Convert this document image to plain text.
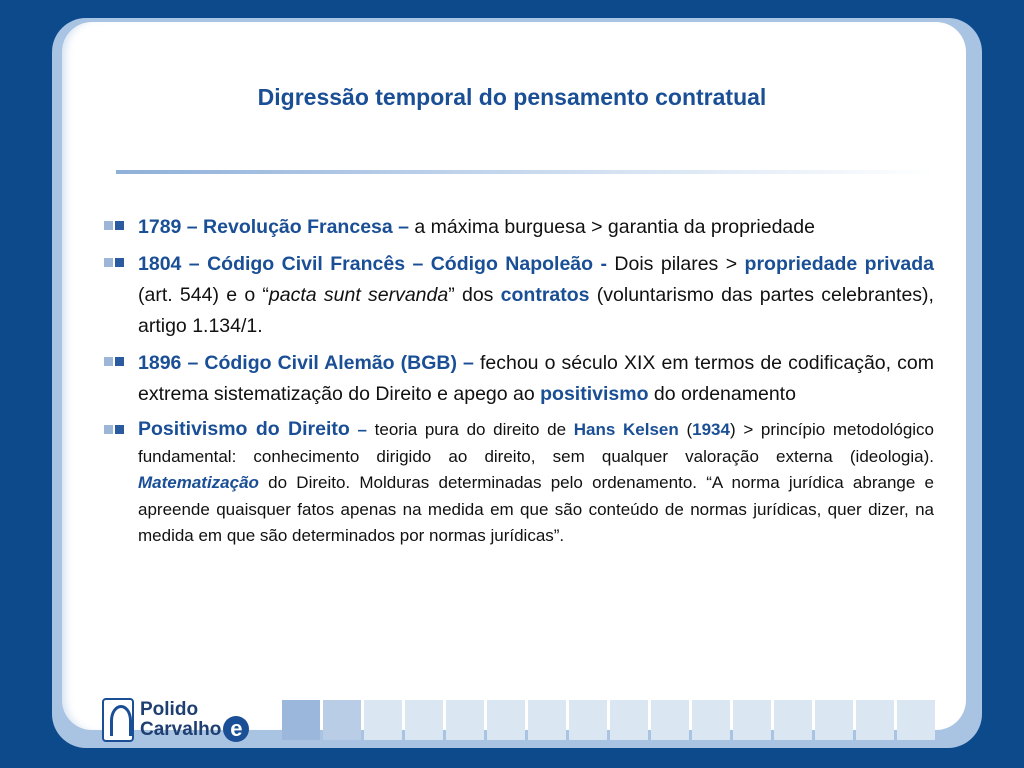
Digressão temporal do pensamento contratual
1789 – Revolução Francesa – a máxima burguesa > garantia da propriedade
1804 – Código Civil Francês – Código Napoleão - Dois pilares > propriedade privada (art. 544) e o “pacta sunt servanda” dos contratos (voluntarismo das partes celebrantes), artigo 1.134/1.
1896 – Código Civil Alemão (BGB) – fechou o século XIX em termos de codificação, com extrema sistematização do Direito e apego ao positivismo do ordenamento
Positivismo do Direito – teoria pura do direito de Hans Kelsen (1934) > princípio metodológico fundamental: conhecimento dirigido ao direito, sem qualquer valoração externa (ideologia). Matematização do Direito. Molduras determinadas pelo ordenamento. “A norma jurídica abrange e apreende quaisquer fatos apenas na medida em que são conteúdo de normas jurídicas, quer dizer, na medida em que são determinados por normas jurídicas”.
Polido
Carvalho e
